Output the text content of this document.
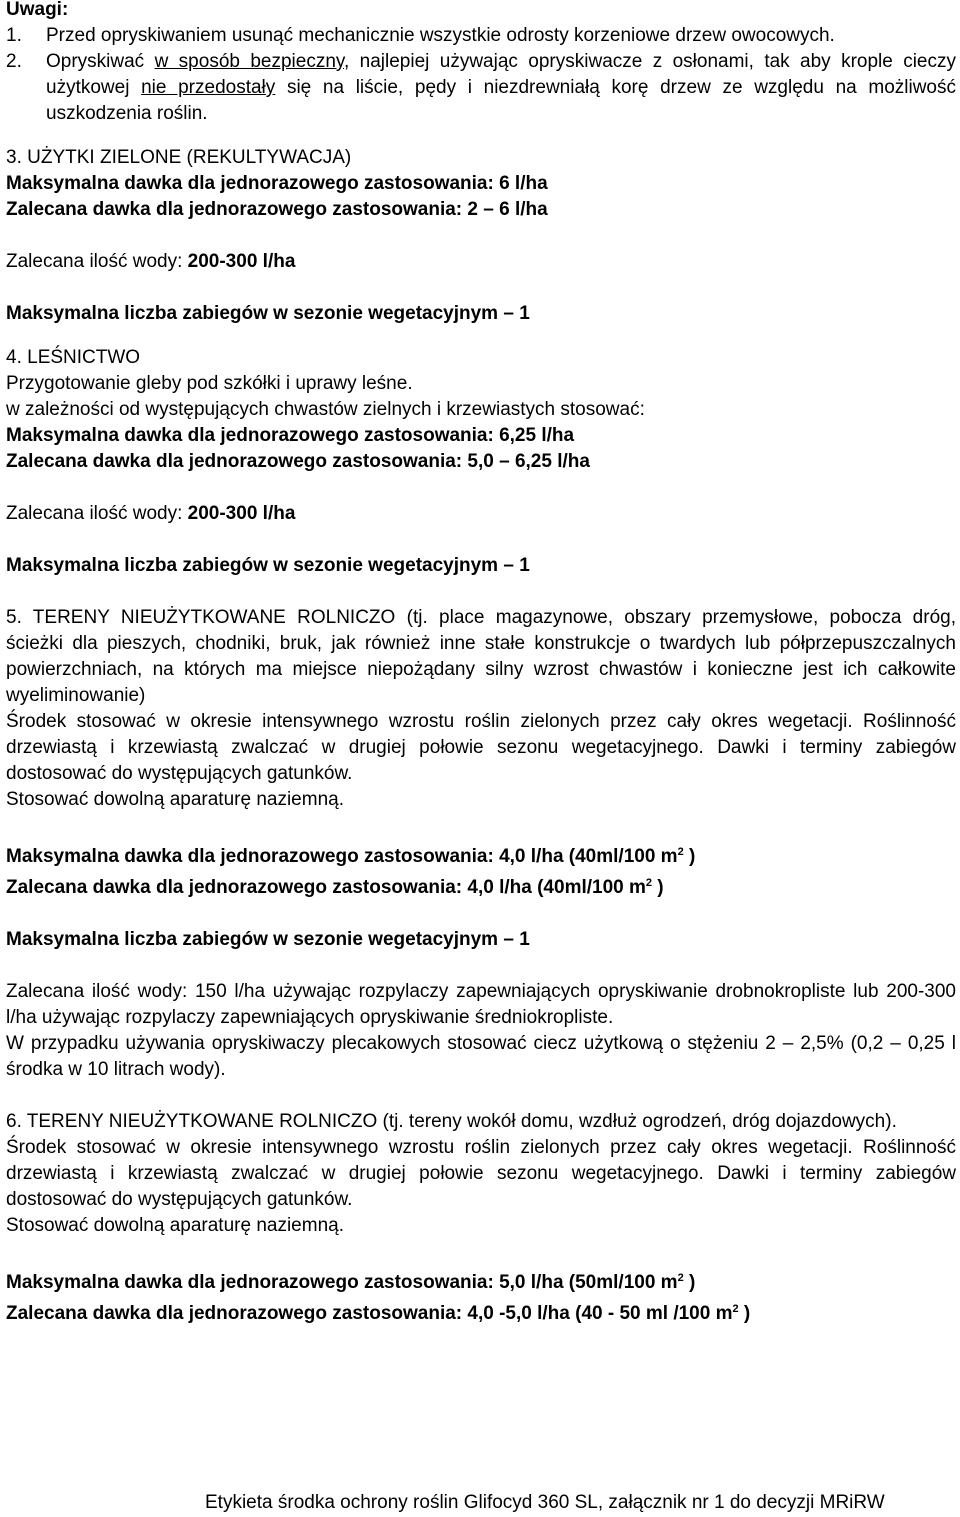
Uwagi:

1.	Przed opryskiwaniem usunąć mechanicznie wszystkie odrosty korzeniowe drzew owocowych.
2.	Opryskiwać w sposób bezpieczny, najlepiej używając opryskiwacze z osłonami, tak aby krople cieczy użytkowej nie przedostały się na liście, pędy i niezdrewniałą korę drzew ze względu na możliwość uszkodzenia roślin.

3. UŻYTKI ZIELONE (REKULTYWACJA)

Maksymalna dawka dla jednorazowego zastosowania: 6 l/ha

Zalecana dawka dla jednorazowego zastosowania: 2 – 6 l/ha

Zalecana ilość wody: 200-300 l/ha

Maksymalna liczba zabiegów w sezonie wegetacyjnym – 1

4. LEŚNICTWO

Przygotowanie gleby pod szkółki i uprawy leśne.

w zależności od występujących chwastów zielnych i krzewiastych stosować:

Maksymalna dawka dla jednorazowego zastosowania: 6,25 l/ha

Zalecana dawka dla jednorazowego zastosowania: 5,0 – 6,25 l/ha

Zalecana ilość wody: 200-300 l/ha

Maksymalna liczba zabiegów w sezonie wegetacyjnym – 1

5. TERENY NIEUŻYTKOWANE ROLNICZO (tj. place magazynowe, obszary przemysłowe, pobocza dróg, ścieżki dla pieszych, chodniki, bruk, jak również inne stałe konstrukcje o twardych lub półprzepuszczalnych powierzchniach, na których ma miejsce niepożądany silny wzrost chwastów i konieczne jest ich całkowite wyeliminowanie)

Środek stosować w okresie intensywnego wzrostu roślin zielonych przez cały okres wegetacji. Roślinność drzewiastą i krzewiastą zwalczać w drugiej połowie sezonu wegetacyjnego. Dawki i terminy zabiegów dostosować do występujących gatunków.

Stosować dowolną aparaturę naziemną.

Maksymalna dawka dla jednorazowego zastosowania: 4,0 l/ha (40ml/100 $m^2$ )

Zalecana dawka dla jednorazowego zastosowania: 4,0 l/ha (40ml/100 $m^2$ )

Maksymalna liczba zabiegów w sezonie wegetacyjnym – 1

Zalecana ilość wody: 150 l/ha używając rozpylaczy zapewniających opryskiwanie drobnokropliste lub 200-300 l/ha używając rozpylaczy zapewniających opryskiwanie średniokropliste.

W przypadku używania opryskiwaczy plecakowych stosować ciecz użytkową o stężeniu 2 – 2,5% (0,2 – 0,25 l środka w 10 litrach wody).

6. TERENY NIEUŻYTKOWANE ROLNICZO (tj. tereny wokół domu, wzdłuż ogrodzeń, dróg dojazdowych).

Środek stosować w okresie intensywnego wzrostu roślin zielonych przez cały okres wegetacji. Roślinność drzewiastą i krzewiastą zwalczać w drugiej połowie sezonu wegetacyjnego. Dawki i terminy zabiegów dostosować do występujących gatunków.

Stosować dowolną aparaturę naziemną.

Maksymalna dawka dla jednorazowego zastosowania: 5,0 l/ha (50ml/100 $m^2$ )

Zalecana dawka dla jednorazowego zastosowania: 4,0 -5,0 l/ha (40 - 50 ml /100 $m^2$ )

Etykieta środka ochrony roślin Glifocyd 360 SL, załącznik nr 1 do decyzji MRiRW
